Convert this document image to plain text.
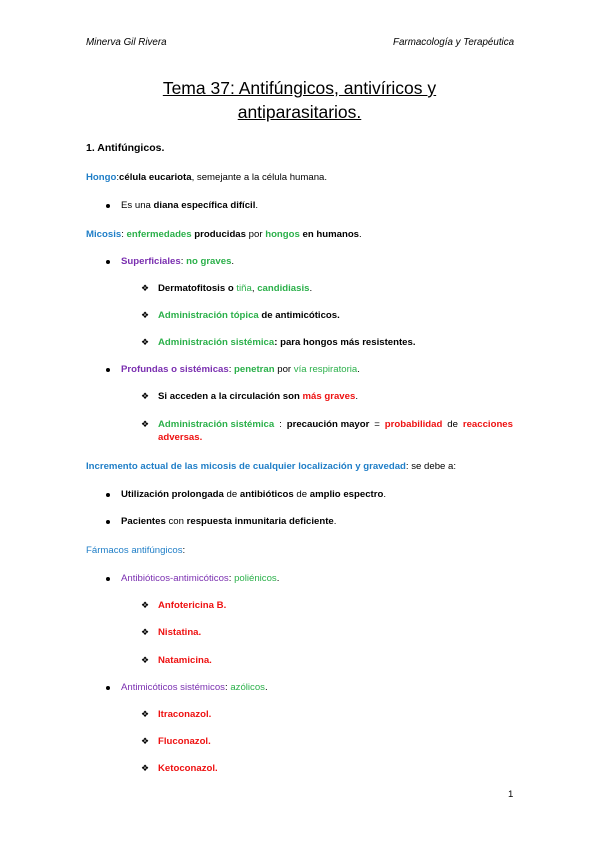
Minerva Gil Rivera	Farmacología y Terapéutica
Tema 37: Antifúngicos, antivíricos y
antiparasitarios.
1. Antifúngicos.
Hongo:célula eucariota, semejante a la célula humana.
Es una diana específica difícil.
Micosis: enfermedades producidas por hongos en humanos.
Superficiales: no graves.
❖ Dermatofitosis o tiña, candidiasis.
❖ Administración tópica de antimicóticos.
❖ Administración sistémica: para hongos más resistentes.
Profundas o sistémicas: penetran por vía respiratoria.
❖ Si acceden a la circulación son más graves.
❖ Administración sistémica : precaución mayor = probabilidad de reacciones
adversas.
Incremento actual de las micosis de cualquier localización y gravedad: se debe a:
Utilización prolongada de antibióticos de amplio espectro.
Pacientes con respuesta inmunitaria deficiente.
Fármacos antifúngicos:
Antibióticos-antimicóticos: poliénicos.
❖ Anfotericina B.
❖ Nistatina.
❖ Natamicina.
Antimicóticos sistémicos: azólicos.
❖ Itraconazol.
❖ Fluconazol.
❖ Ketoconazol.
1
